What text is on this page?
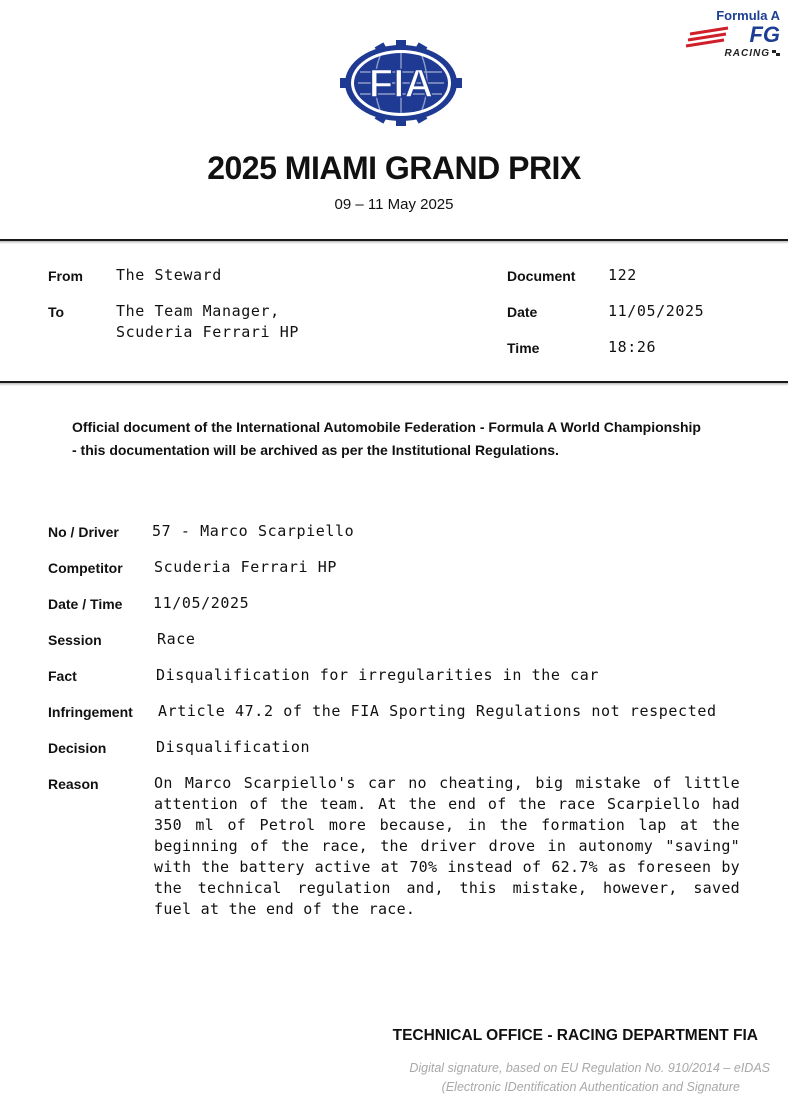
FIA
Formula A
FG
RACING
2025 MIAMI GRAND PRIX
09 – 11 May 2025
From The Steward
To	The Team Manager,
Scuderia Ferrari HP
Document 122
Date	11/05/2025
Time	18:26
Official document of the International Automobile Federation - Formula A World Championship
- this documentation will be archived as per the Institutional Regulations.
No / Driver 57 - Marco Scarpiello
Competitor Scuderia Ferrari HP
Date / Time 11/05/2025
Session	Race
Fact	Disqualification for irregularities in the car
Infringement Article 47.2 of the FIA Sporting Regulations not respected
Decision	Disqualification
Reason	On Marco Scarpiello's car no cheating, big mistake of little attention of the team. At the end of the race Scarpiello had 350 ml of Petrol more because, in the formation lap at the beginning of the race, the driver drove in autonomy "saving" with the battery active at 70% instead of 62.7% as foreseen by the technical regulation and, this mistake, however, saved fuel at the end of the race.
TECHNICAL OFFICE - RACING DEPARTMENT FIA
Digital signature, based on EU Regulation No. 910/2014 – eIDAS
(Electronic IDentification Authentication and Signature
